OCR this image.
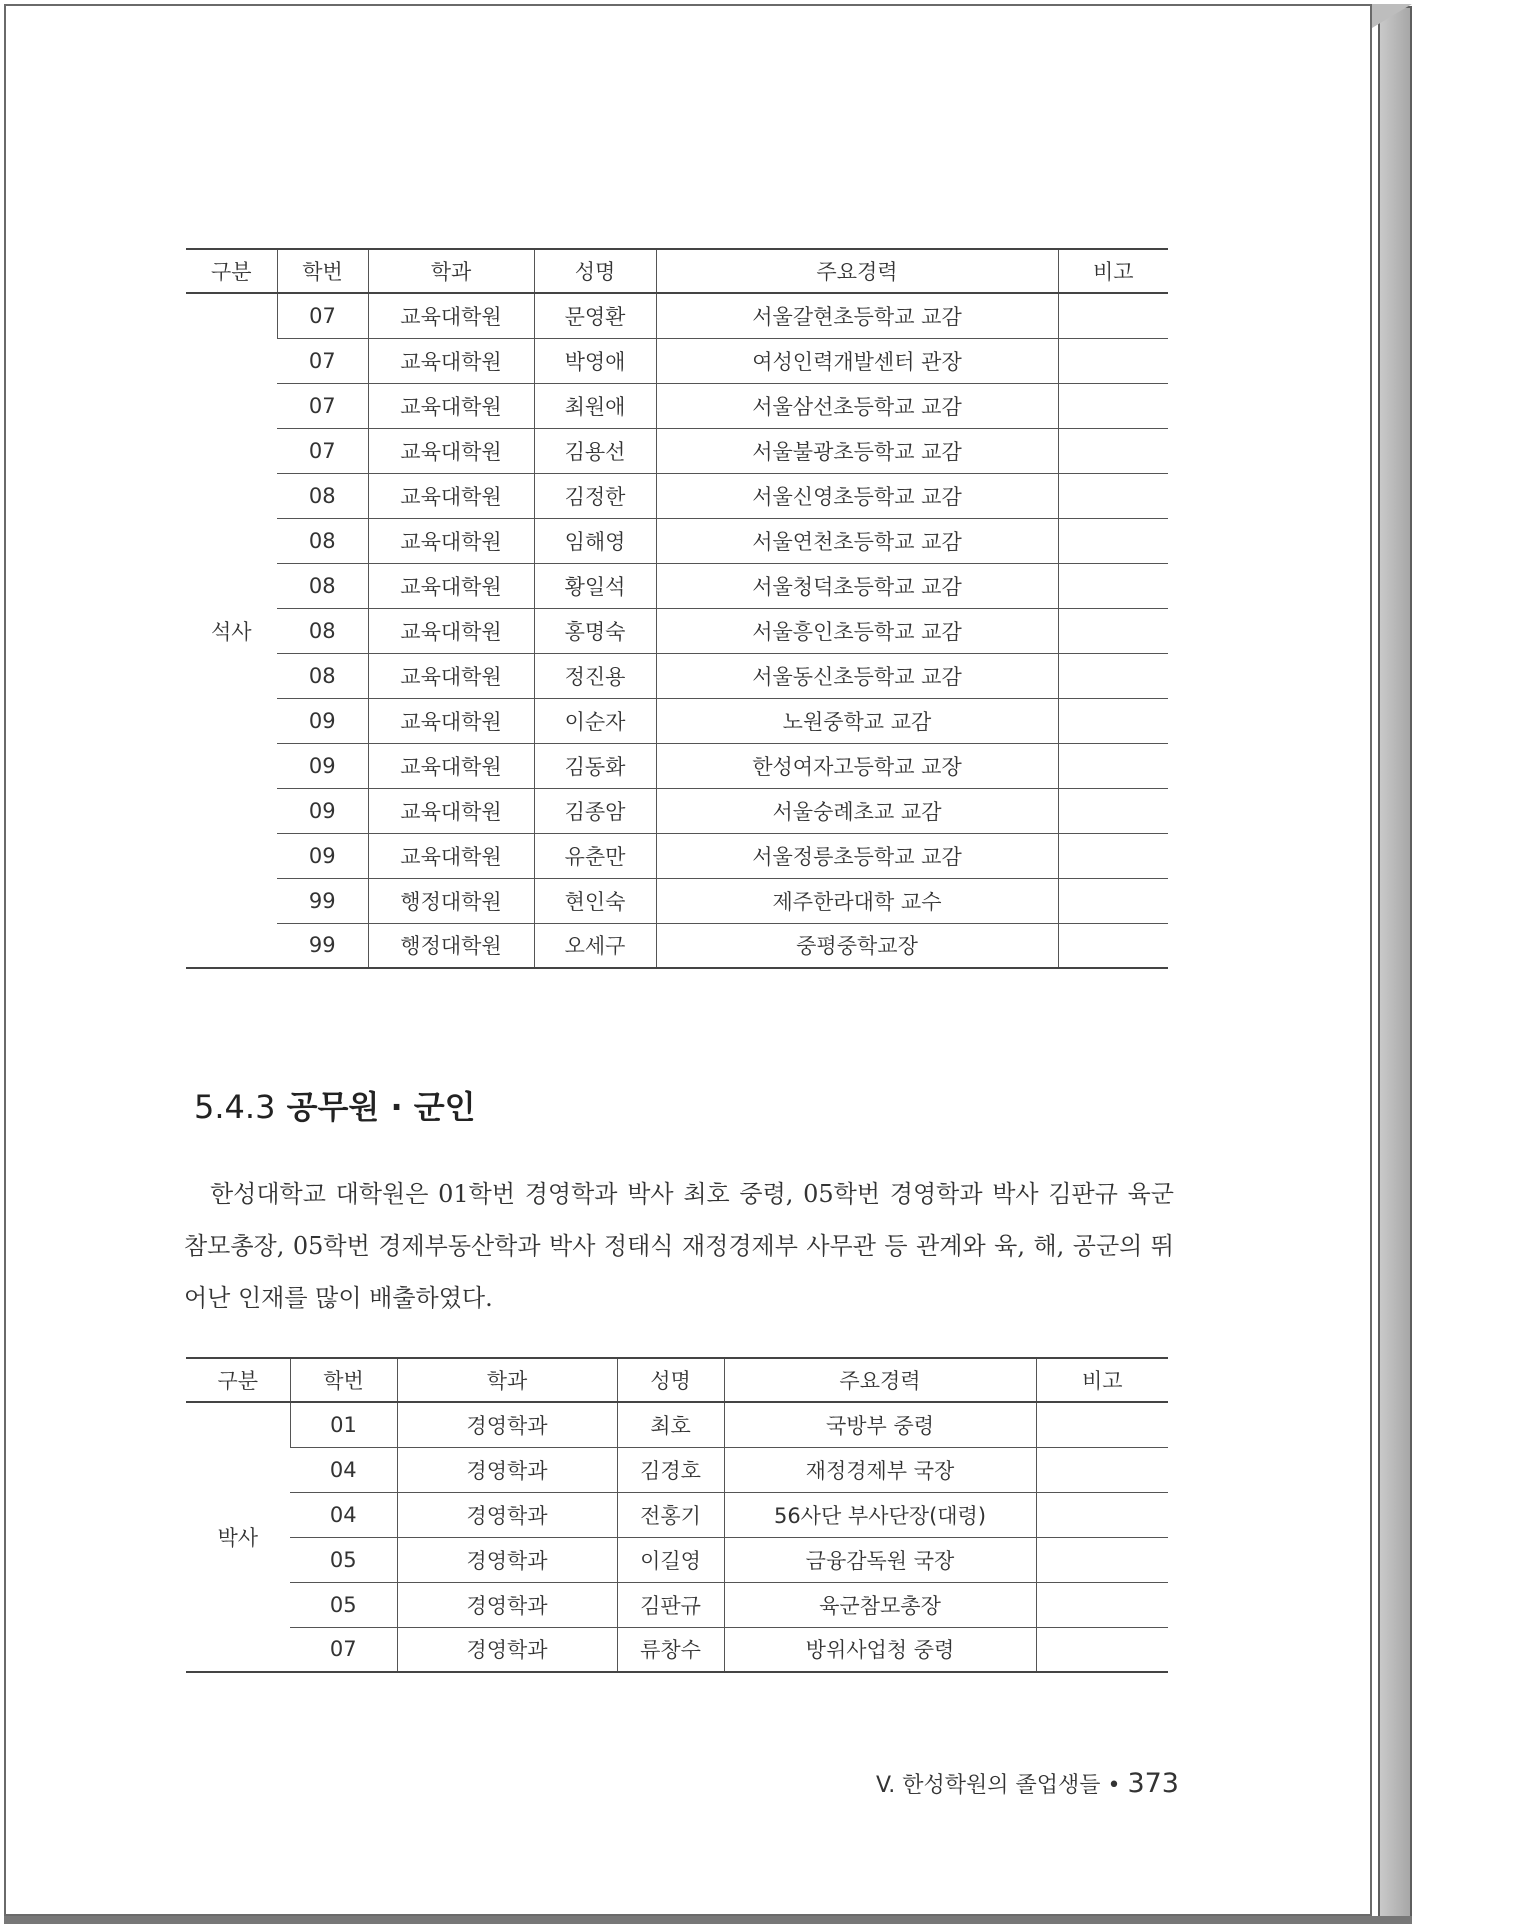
구분	학번	학과	성명	주요경력	비고
석사	07	교육대학원	문영환	서울갈현초등학교 교감	
	07	교육대학원	박영애	여성인력개발센터 관장	
	07	교육대학원	최원애	서울삼선초등학교 교감	
	07	교육대학원	김용선	서울불광초등학교 교감	
	08	교육대학원	김정한	서울신영초등학교 교감	
	08	교육대학원	임해영	서울연천초등학교 교감	
	08	교육대학원	황일석	서울청덕초등학교 교감	
	08	교육대학원	홍명숙	서울흥인초등학교 교감	
	08	교육대학원	정진용	서울동신초등학교 교감	
	09	교육대학원	이순자	노원중학교 교감	
	09	교육대학원	김동화	한성여자고등학교 교장	
	09	교육대학원	김종암	서울숭례초교 교감	
	09	교육대학원	유춘만	서울정릉초등학교 교감	
	99	행정대학원	현인숙	제주한라대학 교수	
	99	행정대학원	오세구	중평중학교장	
5.4.3 공무원 · 군인

한성대학교 대학원은 01학번 경영학과 박사 최호 중령, 05학번 경영학과 박사 김판규 육군참모총장, 05학번 경제부동산학과 박사 정태식 재정경제부 사무관 등 관계와 육, 해, 공군의 뛰어난 인재를 많이 배출하였다.

구분	학번	학과	성명	주요경력	비고
박사	01	경영학과	최호	국방부 중령	
	04	경영학과	김경호	재정경제부 국장	
	04	경영학과	전홍기	56사단 부사단장(대령)	
	05	경영학과	이길영	금융감독원 국장	
	05	경영학과	김판규	육군참모총장	
	07	경영학과	류창수	방위사업청 중령	
V. 한성학원의 졸업생들 • 373
